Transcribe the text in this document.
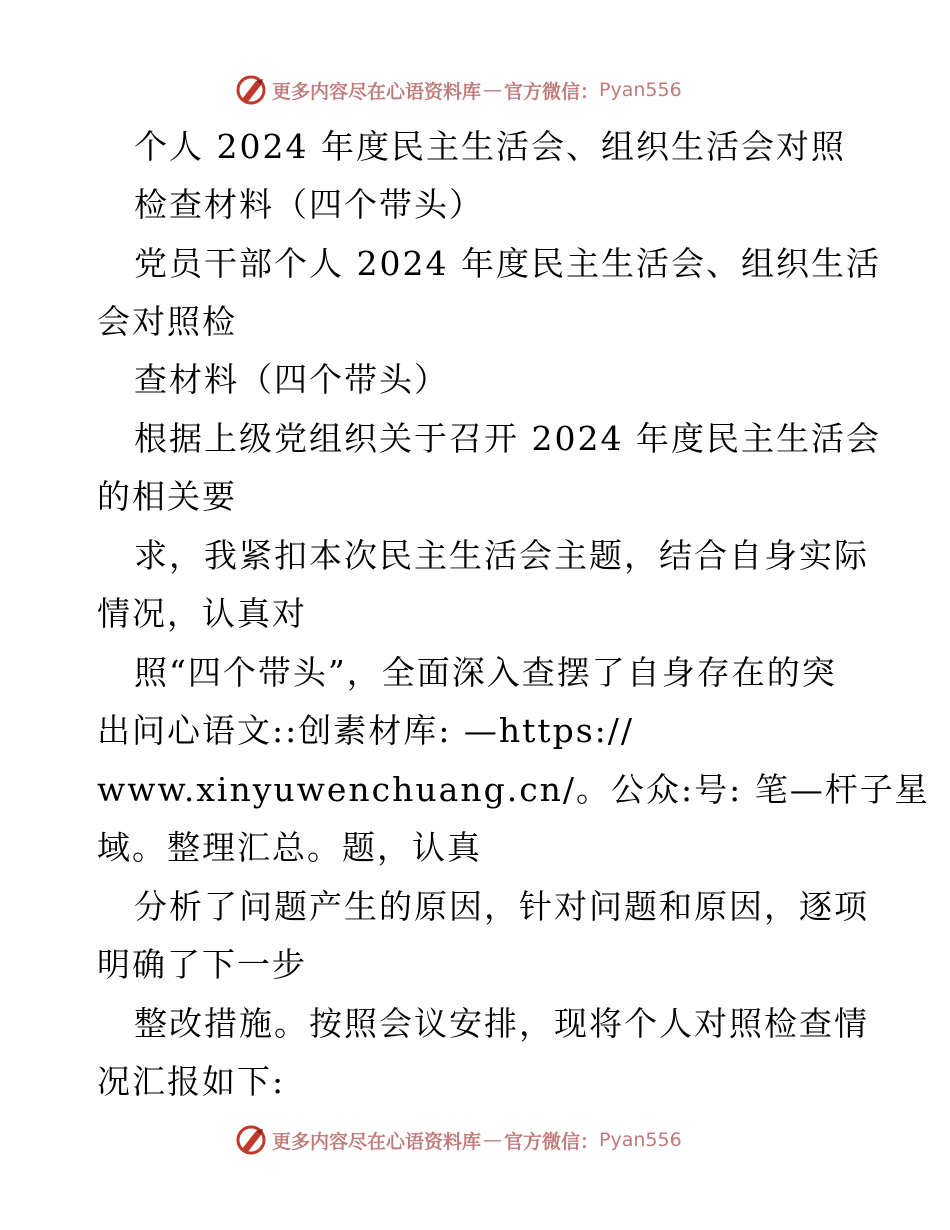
更多内容尽在心语资料库 — 官方微信： Pyan556
个人 2024 年度民主生活会、组织生活会对照
检查材料（四个带头）
党员干部个人 2024 年度民主生活会、组织生活
会对照检
查材料（四个带头）
根据上级党组织关于召开 2024 年度民主生活会
的相关要
求，我紧扣本次民主生活会主题，结合自身实际
情况，认真对
照“四个带头”，全面深入查摆了自身存在的突
出问心语文::创素材库: —https://
www.xinyuwenchuang.cn/。公众:号: 笔—杆子星
域。整理汇总。题，认真
分析了问题产生的原因，针对问题和原因，逐项
明确了下一步
整改措施。按照会议安排，现将个人对照检查情
况汇报如下:
更多内容尽在心语资料库 — 官方微信： Pyan556
